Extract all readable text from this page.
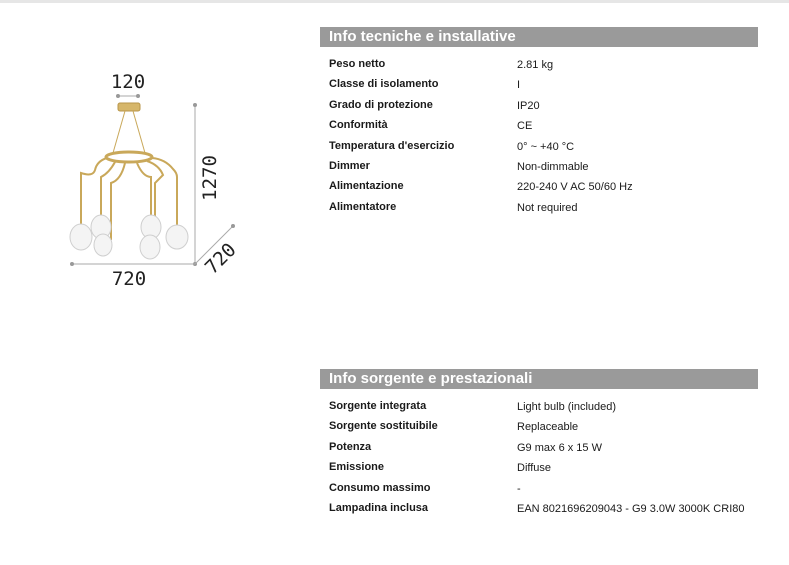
120
1270
720
720
Info tecniche e installative
Peso netto	2.81 kg
Classe di isolamento	I
Grado di protezione	IP20
Conformità	CE
Temperatura d'esercizio	0° ~ +40 °C
Dimmer	Non-dimmable
Alimentazione	220-240 V AC 50/60 Hz
Alimentatore	Not required
Info sorgente e prestazionali
Sorgente integrata	Light bulb (included)
Sorgente sostituibile	Replaceable
Potenza	G9 max 6 x 15 W
Emissione	Diffuse
Consumo massimo	-
Lampadina inclusa	EAN 8021696209043 - G9 3.0W 3000K CRI80
